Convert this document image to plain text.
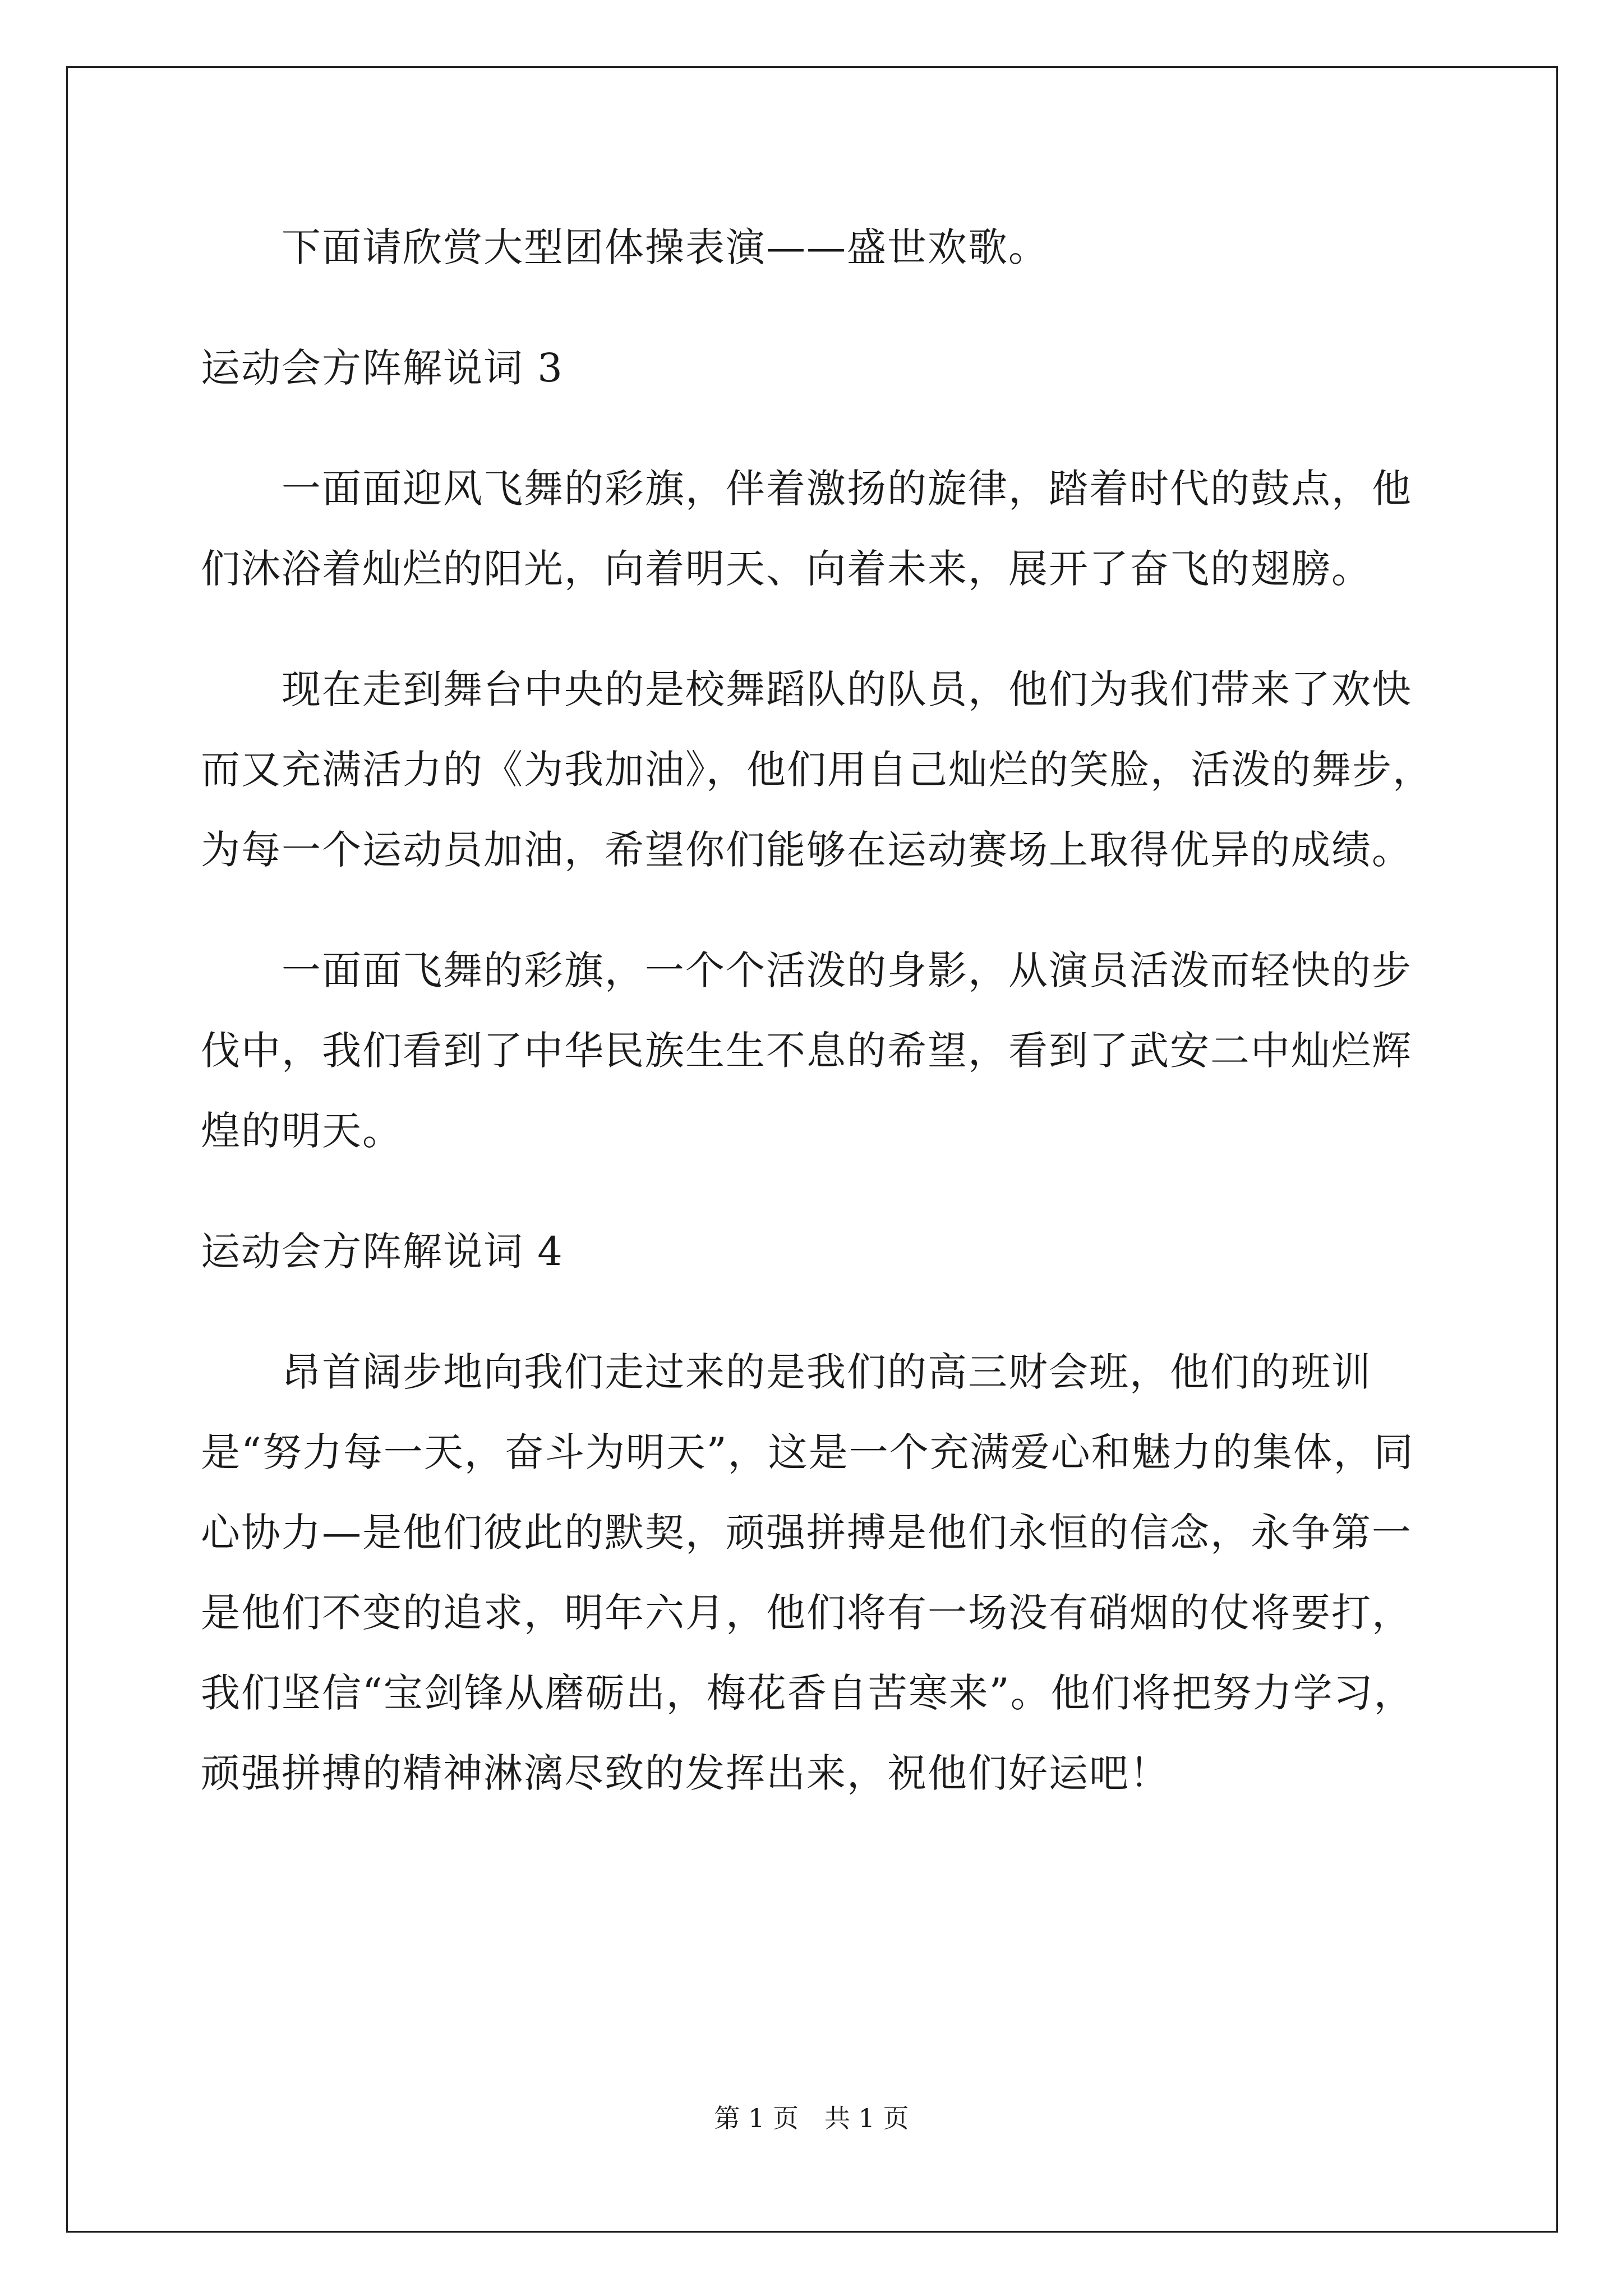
下面请欣赏大型团体操表演——盛世欢歌。

运动会方阵解说词 3

一面面迎风飞舞的彩旗，伴着激扬的旋律，踏着时代的鼓点，他们沐浴着灿烂的阳光，向着明天、向着未来，展开了奋飞的翅膀。

现在走到舞台中央的是校舞蹈队的队员，他们为我们带来了欢快而又充满活力的《为我加油》，他们用自己灿烂的笑脸，活泼的舞步，为每一个运动员加油，希望你们能够在运动赛场上取得优异的成绩。

一面面飞舞的彩旗，一个个活泼的身影，从演员活泼而轻快的步伐中，我们看到了中华民族生生不息的希望，看到了武安二中灿烂辉煌的明天。

运动会方阵解说词 4

昂首阔步地向我们走过来的是我们的高三财会班，他们的班训是“努力每一天，奋斗为明天”，这是一个充满爱心和魅力的集体，同心协力—是他们彼此的默契，顽强拼搏是他们永恒的信念，永争第一是他们不变的追求，明年六月，他们将有一场没有硝烟的仗将要打，我们坚信“宝剑锋从磨砺出，梅花香自苦寒来”。他们将把努力学习，顽强拼搏的精神淋漓尽致的发挥出来，祝他们好运吧！

第 1 页　共 1 页
